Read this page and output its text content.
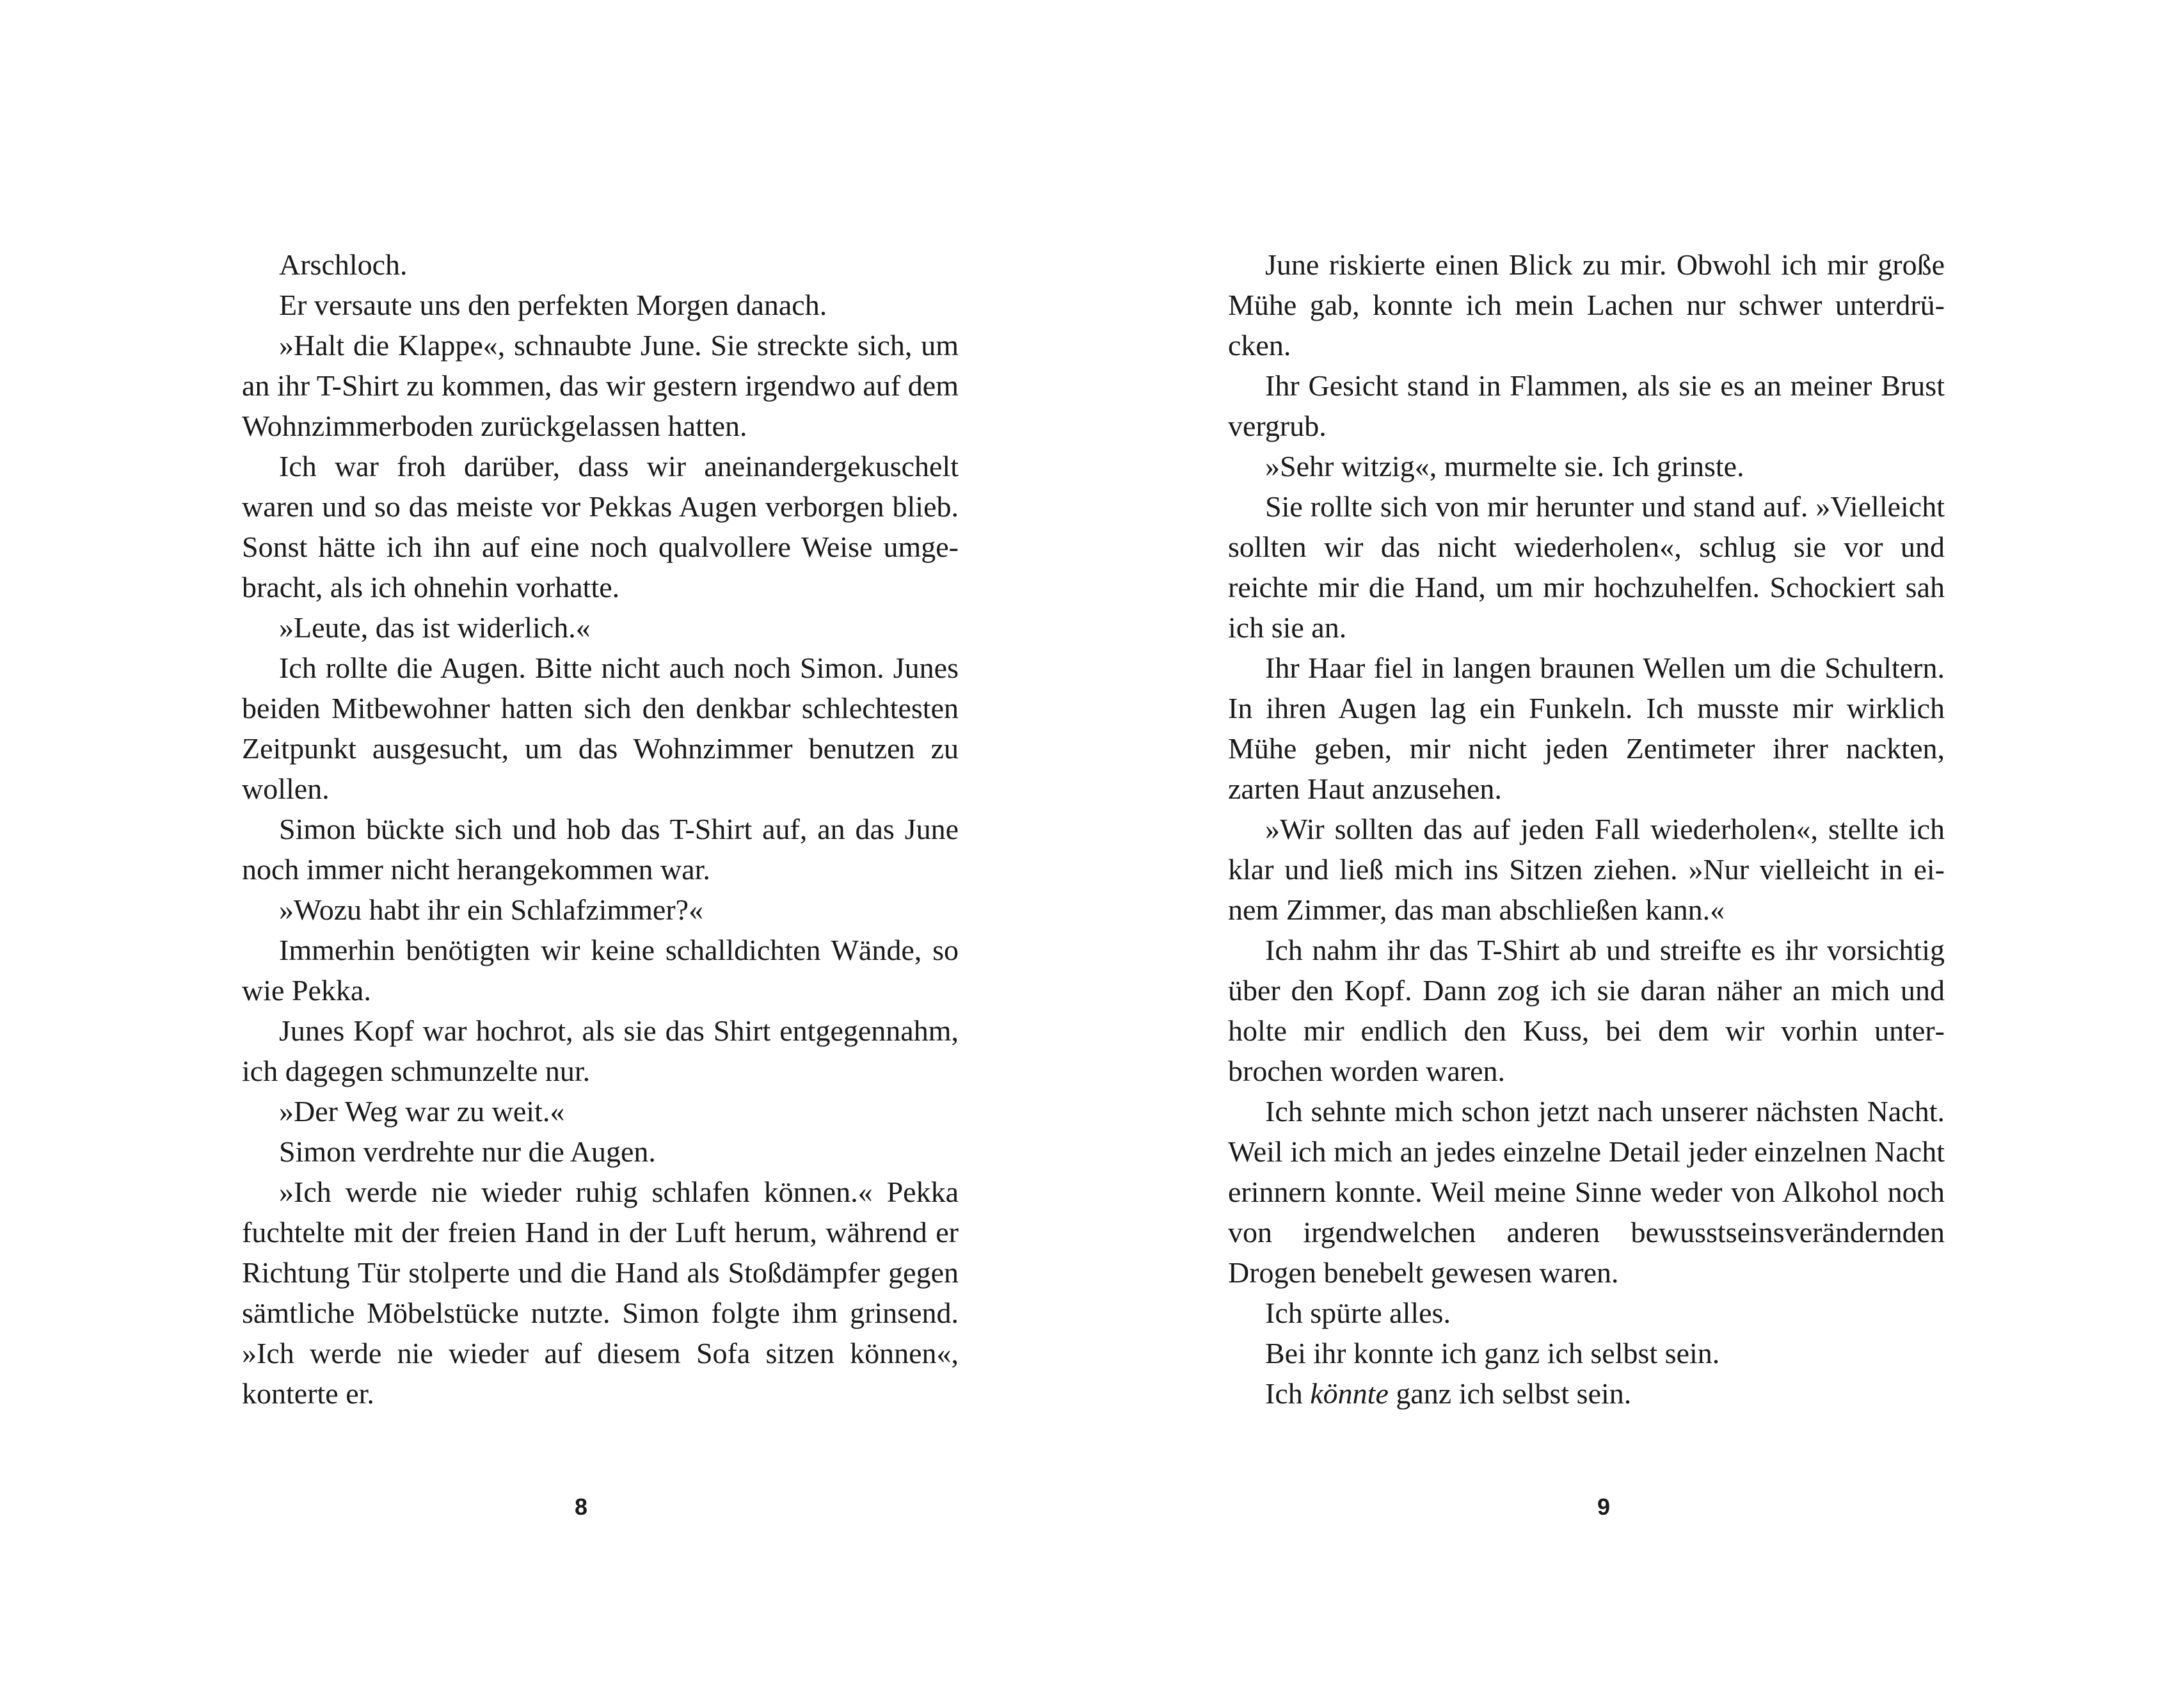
Arschloch.

Er versaute uns den perfekten Morgen danach.

»Halt die Klappe«, schnaubte June. Sie streckte sich, um an ihr T-Shirt zu kommen, das wir gestern irgendwo auf dem Wohnzimmerboden zurückgelassen hatten.

Ich war froh darüber, dass wir aneinandergekuschelt waren und so das meiste vor Pekkas Augen verborgen blieb. Sonst hätte ich ihn auf eine noch qualvollere Weise umgebracht, als ich ohnehin vorhatte.

»Leute, das ist widerlich.«

Ich rollte die Augen. Bitte nicht auch noch Simon. Junes beiden Mitbewohner hatten sich den denkbar schlechtesten Zeitpunkt ausgesucht, um das Wohnzimmer benutzen zu wollen.

Simon bückte sich und hob das T-Shirt auf, an das June noch immer nicht herangekommen war.

»Wozu habt ihr ein Schlafzimmer?«

Immerhin benötigten wir keine schalldichten Wände, so wie Pekka.

Junes Kopf war hochrot, als sie das Shirt entgegennahm, ich dagegen schmunzelte nur.

»Der Weg war zu weit.«

Simon verdrehte nur die Augen.

»Ich werde nie wieder ruhig schlafen können.« Pekka fuchtelte mit der freien Hand in der Luft herum, während er Richtung Tür stolperte und die Hand als Stoßdämpfer gegen sämtliche Möbelstücke nutzte. Simon folgte ihm grinsend. »Ich werde nie wieder auf diesem Sofa sitzen können«, konterte er.

8

June riskierte einen Blick zu mir. Obwohl ich mir große Mühe gab, konnte ich mein Lachen nur schwer unterdrücken.

Ihr Gesicht stand in Flammen, als sie es an meiner Brust vergrub.

»Sehr witzig«, murmelte sie. Ich grinste.

Sie rollte sich von mir herunter und stand auf. »Vielleicht sollten wir das nicht wiederholen«, schlug sie vor und reichte mir die Hand, um mir hochzuhelfen. Schockiert sah ich sie an.

Ihr Haar fiel in langen braunen Wellen um die Schultern. In ihren Augen lag ein Funkeln. Ich musste mir wirklich Mühe geben, mir nicht jeden Zentimeter ihrer nackten, zarten Haut anzusehen.

»Wir sollten das auf jeden Fall wiederholen«, stellte ich klar und ließ mich ins Sitzen ziehen. »Nur vielleicht in einem Zimmer, das man abschließen kann.«

Ich nahm ihr das T-Shirt ab und streifte es ihr vorsichtig über den Kopf. Dann zog ich sie daran näher an mich und holte mir endlich den Kuss, bei dem wir vorhin unterbrochen worden waren.

Ich sehnte mich schon jetzt nach unserer nächsten Nacht. Weil ich mich an jedes einzelne Detail jeder einzelnen Nacht erinnern konnte. Weil meine Sinne weder von Alkohol noch von irgendwelchen anderen bewusstseinsverändernden Drogen benebelt gewesen waren.

Ich spürte alles.

Bei ihr konnte ich ganz ich selbst sein.

Ich könnte ganz ich selbst sein.

9
